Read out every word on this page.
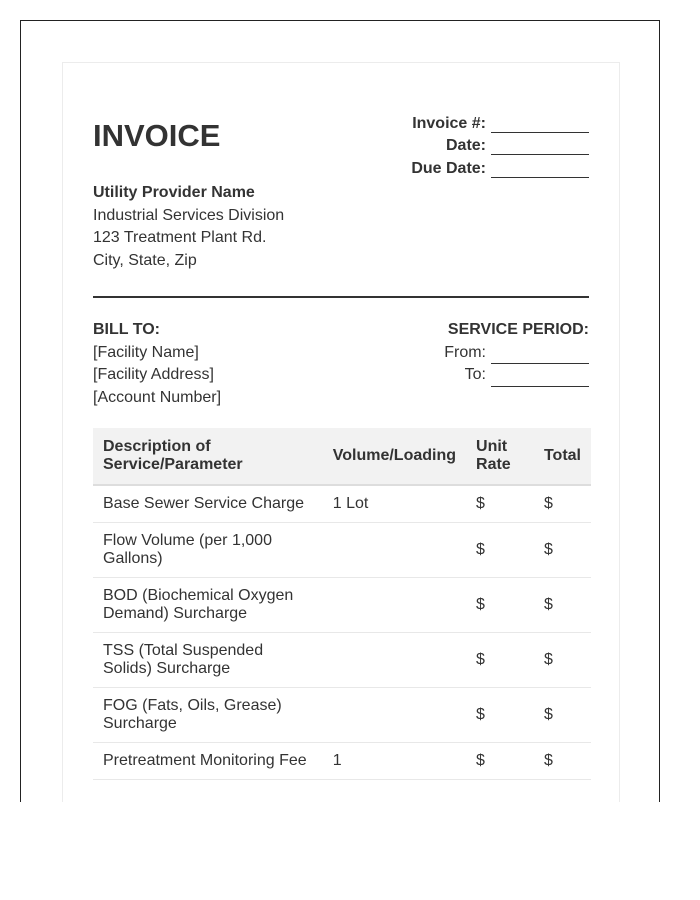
INVOICE	Invoice #:
Date:
Due Date:
Utility Provider Name
Industrial Services Division
123 Treatment Plant Rd.
City, State, Zip
BILL TO:
[Facility Name]
[Facility Address]
[Account Number]
SERVICE PERIOD:
From:
To:
Description of Service/Parameter	Volume/Loading	Unit Rate	Total
Base Sewer Service Charge	1 Lot	$	$
Flow Volume (per 1,000 Gallons)		$	$
BOD (Biochemical Oxygen Demand) Surcharge		$	$
TSS (Total Suspended Solids) Surcharge		$	$
FOG (Fats, Oils, Grease) Surcharge		$	$
Pretreatment Monitoring Fee	1	$	$
